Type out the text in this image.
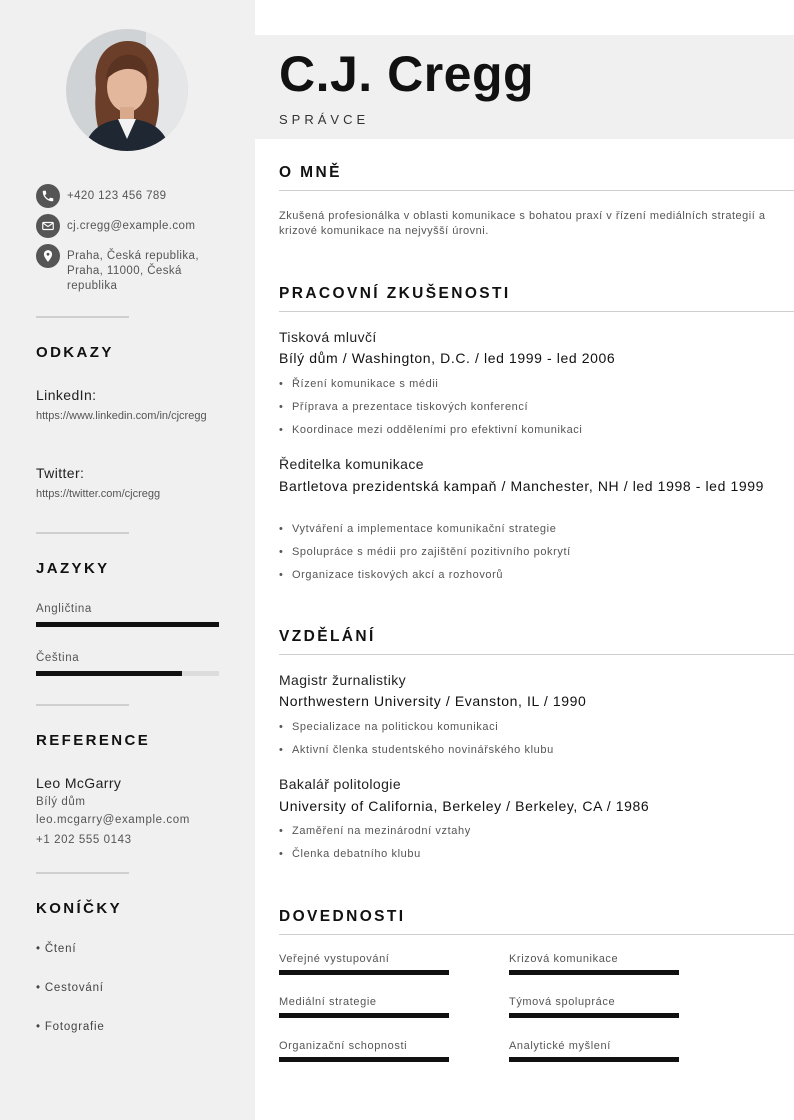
+420 123 456 789
cj.cregg@example.com
Praha, Česká republika, Praha, 11000, Česká republika
ODKAZY
LinkedIn:
https://www.linkedin.com/in/cjcregg
Twitter:
https://twitter.com/cjcregg
JAZYKY
Angličtina
Čeština
REFERENCE
Leo McGarry
Bílý dům
leo.mcgarry@example.com
+1 202 555 0143
KONÍČKY
• Čtení
• Cestování
• Fotografie
C.J. Cregg
SPRÁVCE
O MNĚ
Zkušená profesionálka v oblasti komunikace s bohatou praxí v řízení mediálních strategií a krizové komunikace na nejvyšší úrovni.
PRACOVNÍ ZKUŠENOSTI
Tisková mluvčí
Bílý dům / Washington, D.C. / led 1999 - led 2006
• Řízení komunikace s médii
• Příprava a prezentace tiskových konferencí
• Koordinace mezi odděleními pro efektivní komunikaci
Ředitelka komunikace
Bartletova prezidentská kampaň / Manchester, NH / led 1998 - led 1999
• Vytváření a implementace komunikační strategie
• Spolupráce s médii pro zajištění pozitivního pokrytí
• Organizace tiskových akcí a rozhovorů
VZDĚLÁNÍ
Magistr žurnalistiky
Northwestern University / Evanston, IL / 1990
• Specializace na politickou komunikaci
• Aktivní členka studentského novinářského klubu
Bakalář politologie
University of California, Berkeley / Berkeley, CA / 1986
• Zaměření na mezinárodní vztahy
• Členka debatního klubu
DOVEDNOSTI
Veřejné vystupování	Krizová komunikace
Mediální strategie	Týmová spolupráce
Organizační schopnosti	Analytické myšlení
